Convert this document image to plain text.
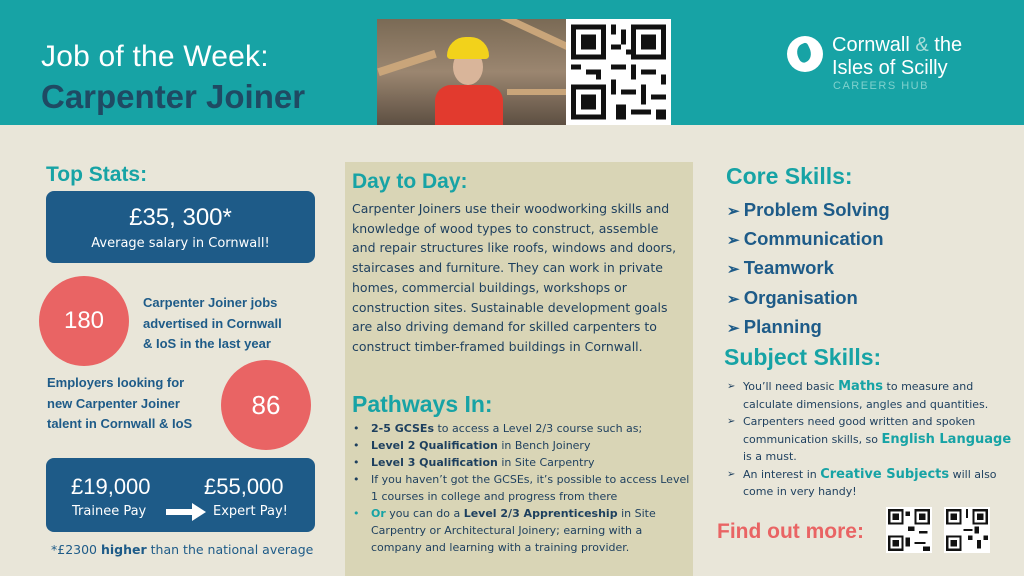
Job of the Week:
Carpenter Joiner
Cornwall & the
Isles of Scilly
CAREERS HUB
Top Stats:
£35, 300*
Average salary in Cornwall!
180
Carpenter Joiner jobs
advertised in Cornwall
& IoS in the last year
Employers looking for
new Carpenter Joiner
talent in Cornwall & IoS
86
£19,000 £55,000
Trainee Pay	Expert Pay!
*£2300 higher than the national average
Day to Day:
Carpenter Joiners use their woodworking skills and
knowledge of wood types to construct, assemble
and repair structures like roofs, windows and doors,
staircases and furniture. They can work in private
homes, commercial buildings, workshops or
construction sites. Sustainable development goals
are also driving demand for skilled carpenters to
construct timber-framed buildings in Cornwall.
Pathways In:
• 2-5 GCSEs to access a Level 2/3 course such as;
• Level 2 Qualification in Bench Joinery
• Level 3 Qualification in Site Carpentry
• If you haven’t got the GCSEs, it’s possible to access Level 1 courses in college and progress from there
• Or you can do a Level 2/3 Apprenticeship in Site Carpentry or Architectural Joinery; earning with a company and learning with a training provider.
Core Skills:
➢ Problem Solving
➢ Communication
➢ Teamwork
➢ Organisation
➢ Planning
Subject Skills:
➢ You’ll need basic Maths to measure and calculate dimensions, angles and quantities.
➢ Carpenters need good written and spoken communication skills, so English Language is a must.
➢ An interest in Creative Subjects will also come in very handy!
Find out more:
